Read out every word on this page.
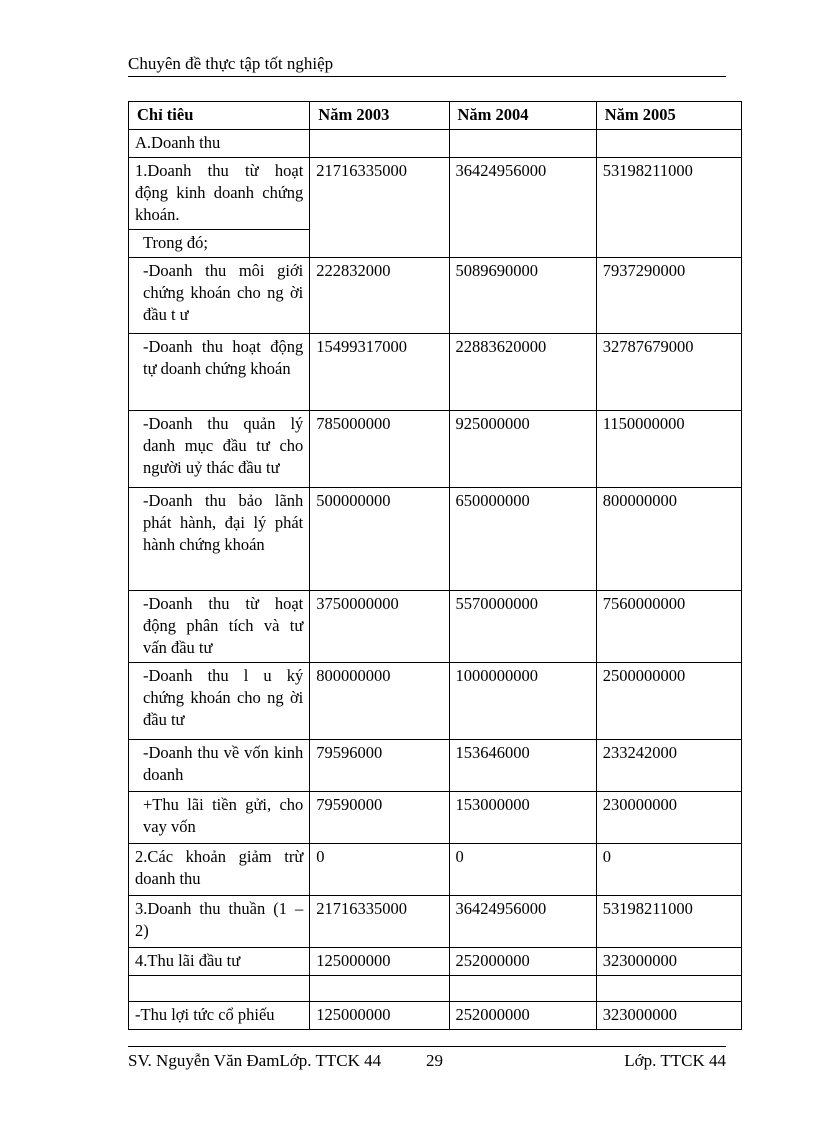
Chuyên đề thực tập tốt nghiệp
Chỉ tiêu	Năm 2003	Năm 2004	Năm 2005
A.Doanh thu			
1.Doanh thu từ hoạt động kinh doanh chứng khoán.	21716335000	36424956000	53198211000
Trong đó;			
-Doanh thu môi giới chứng khoán cho ng ời đầu t ư	222832000	5089690000	7937290000
-Doanh thu hoạt động tự doanh chứng khoán	15499317000	22883620000	32787679000
-Doanh thu quản lý danh mục đầu tư cho người uỷ thác đầu tư	785000000	925000000	1150000000
-Doanh thu bảo lãnh phát hành, đại lý phát hành chứng khoán	500000000	650000000	800000000
-Doanh thu từ hoạt động phân tích và tư vấn đầu tư	3750000000	5570000000	7560000000
-Doanh thu l u ký chứng khoán cho ng ời đầu tư	800000000	1000000000	2500000000
-Doanh thu về vốn kinh doanh	79596000	153646000	233242000
+Thu lãi tiền gửi, cho vay vốn	79590000	153000000	230000000
2.Các khoản giảm trừ doanh thu	0	0	0
3.Doanh thu thuần (1 – 2)	21716335000	36424956000	53198211000
4.Thu lãi đầu tư	125000000	252000000	323000000

-Thu lợi tức cổ phiếu	125000000	252000000	323000000
SV. Nguyễn Văn ĐamLớp. TTCK 44	29	Lớp. TTCK 44
